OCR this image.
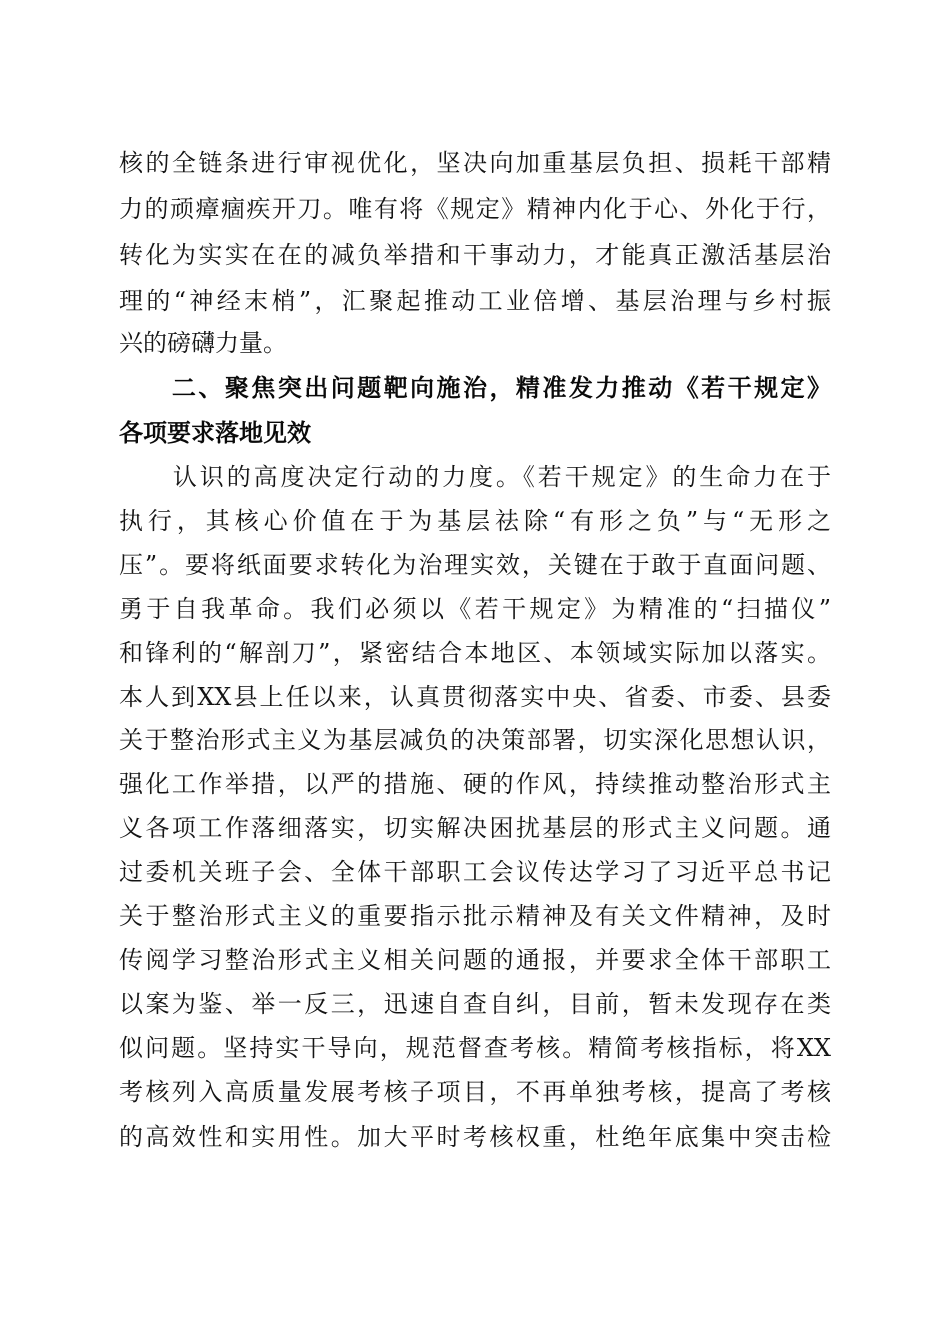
核的全链条进行审视优化，坚决向加重基层负担、损耗干部精
力的顽瘴痼疾开刀。唯有将《规定》精神内化于心、外化于行，
转化为实实在在的减负举措和干事动力，才能真正激活基层治
理的“神经末梢”，汇聚起推动工业倍增、基层治理与乡村振
兴的磅礴力量。
　　二、聚焦突出问题靶向施治，精准发力推动《若干规定》
各项要求落地见效
　　认识的高度决定行动的力度。《若干规定》的生命力在于
执行，其核心价值在于为基层祛除“有形之负”与“无形之
压”。要将纸面要求转化为治理实效，关键在于敢于直面问题、
勇于自我革命。我们必须以《若干规定》为精准的“扫描仪”
和锋利的“解剖刀”，紧密结合本地区、本领域实际加以落实。
本人到XX县上任以来，认真贯彻落实中央、省委、市委、县委
关于整治形式主义为基层减负的决策部署，切实深化思想认识，
强化工作举措，以严的措施、硬的作风，持续推动整治形式主
义各项工作落细落实，切实解决困扰基层的形式主义问题。通
过委机关班子会、全体干部职工会议传达学习了习近平总书记
关于整治形式主义的重要指示批示精神及有关文件精神，及时
传阅学习整治形式主义相关问题的通报，并要求全体干部职工
以案为鉴、举一反三，迅速自查自纠，目前，暂未发现存在类
似问题。坚持实干导向，规范督查考核。精简考核指标，将XX
考核列入高质量发展考核子项目，不再单独考核，提高了考核
的高效性和实用性。加大平时考核权重，杜绝年底集中突击检
